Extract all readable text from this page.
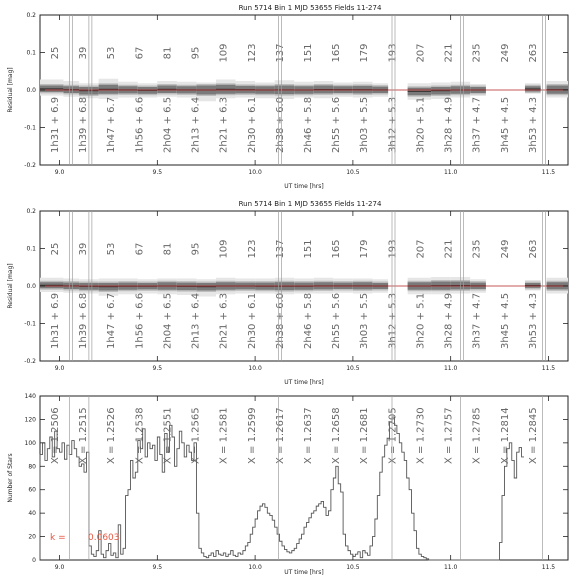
Run 5714 Bin 1 MJD 53655 Fields 11-274
25
1h31 + 6.9
39
1h39 + 6.8
53
1h47 + 6.7
67
1h56 + 6.6
81
2h04 + 6.5
95
2h13 + 6.4
109
2h21 + 6.3
123
2h30 + 6.1
137
2h38 + 6.0
151
2h46 + 5.8
165
2h55 + 5.6
179
3h03 + 5.5
193
3h12 + 5.3
207
3h20 + 5.1
221
3h28 + 4.9
235
3h37 + 4.7
249
3h45 + 4.5
263
3h53 + 4.3
-0.2
-0.1
0.0
0.1
0.2
9.0	9.5	10.0	10.5	11.0	11.5
UT time [hrs]
Residual [mag]
Run 5714 Bin 1 MJD 53655 Fields 11-274
25
1h31 + 6.9
39
1h39 + 6.8
53
1h47 + 6.7
67
1h56 + 6.6
81
2h04 + 6.5
95
2h13 + 6.4
109
2h21 + 6.3
123
2h30 + 6.1
137
2h38 + 6.0
151
2h46 + 5.8
165
2h55 + 5.6
179
3h03 + 5.5
193
3h12 + 5.3
207
3h20 + 5.1
221
3h28 + 4.9
235
3h37 + 4.7
249
3h45 + 4.5
263
3h53 + 4.3
-0.2
-0.1
0.0
0.1
0.2
9.0	9.5	10.0	10.5	11.0	11.5
UT time [hrs]
Residual [mag]
X = 1.2506 X = 1.2515 X = 1.2526 X = 1.2538 X = 1.2551 X = 1.2565 X = 1.2581 X = 1.2599 X = 1.2617 X = 1.2637 X = 1.2658 X = 1.2681 X = 1.2705 X = 1.2730 X = 1.2757 X = 1.2785 X = 1.2814 X = 1.2845
0
20
40
60
80
100
120
140
9.0	9.5	10.0	10.5	11.0	11.5
k = 0.0603
UT time [hrs]
Number of Stars
